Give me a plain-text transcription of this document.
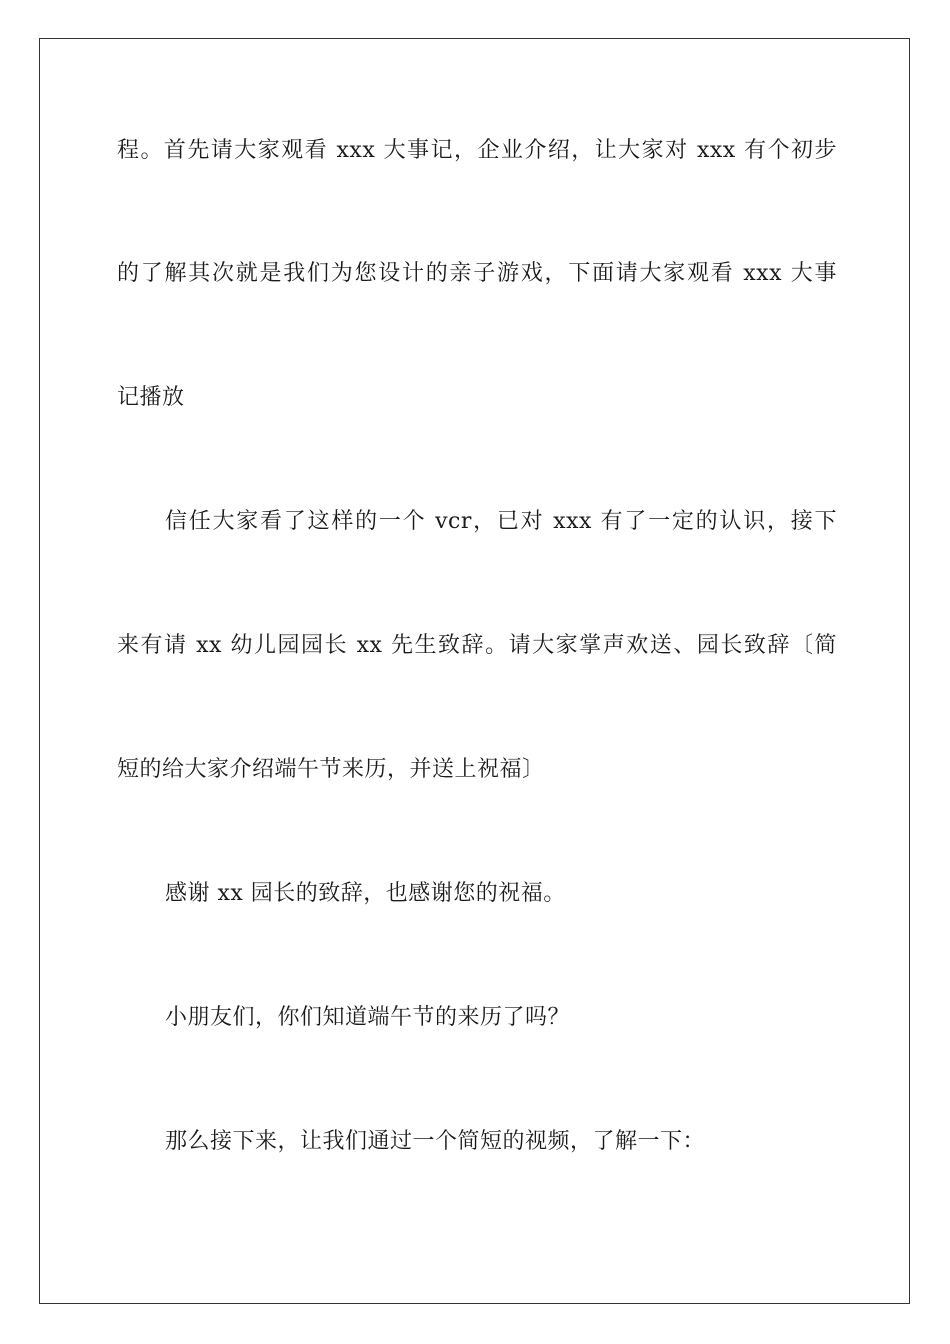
程。首先请大家观看 xxx 大事记，企业介绍，让大家对 xxx 有个初步
的了解其次就是我们为您设计的亲子游戏，下面请大家观看 xxx 大事
记播放
信任大家看了这样的一个 vcr，已对 xxx 有了一定的认识，接下
来有请 xx 幼儿园园长 xx 先生致辞。请大家掌声欢送、园长致辞〔简
短的给大家介绍端午节来历，并送上祝福〕
感谢 xx 园长的致辞，也感谢您的祝福。
小朋友们，你们知道端午节的来历了吗？
那么接下来，让我们通过一个简短的视频，了解一下：
